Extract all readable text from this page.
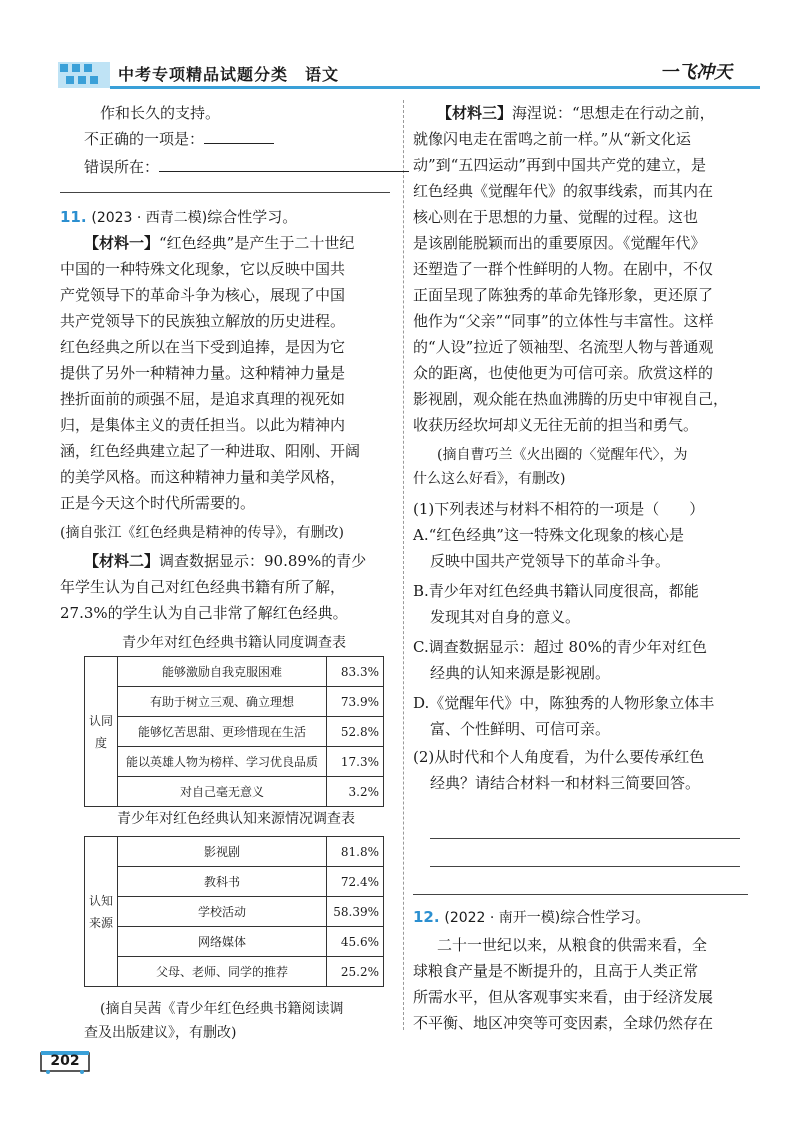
中考专项精品试题分类　语文	一飞冲天
作和长久的支持。
不正确的一项是：
错误所在：
11. (2023 · 西青二模)综合性学习。
【材料一】“红色经典”是产生于二十世纪
中国的一种特殊文化现象，它以反映中国共
产党领导下的革命斗争为核心，展现了中国
共产党领导下的民族独立解放的历史进程。
红色经典之所以在当下受到追捧，是因为它
提供了另外一种精神力量。这种精神力量是
挫折面前的顽强不屈，是追求真理的视死如
归，是集体主义的责任担当。以此为精神内
涵，红色经典建立起了一种进取、阳刚、开阔
的美学风格。而这种精神力量和美学风格，
正是今天这个时代所需要的。
(摘自张江《红色经典是精神的传导》，有删改)
【材料二】调查数据显示：90.89%的青少
年学生认为自己对红色经典书籍有所了解，
27.3%的学生认为自己非常了解红色经典。
青少年对红色经典书籍认同度调查表
认同度	能够激励自我克服困难	83.3%
	有助于树立三观、确立理想	73.9%
	能够忆苦思甜、更珍惜现在生活	52.8%
	能以英雄人物为榜样、学习优良品质	17.3%
	对自己毫无意义	3.2%
青少年对红色经典认知来源情况调查表
认知来源	影视剧	81.8%
	教科书	72.4%
	学校活动	58.39%
	网络媒体	45.6%
	父母、老师、同学的推荐	25.2%
(摘自吴茜《青少年红色经典书籍阅读调
查及出版建议》，有删改)
【材料三】海涅说：“思想走在行动之前，
就像闪电走在雷鸣之前一样。”从“新文化运
动”到“五四运动”再到中国共产党的建立，是
红色经典《觉醒年代》的叙事线索，而其内在
核心则在于思想的力量、觉醒的过程。这也
是该剧能脱颖而出的重要原因。《觉醒年代》
还塑造了一群个性鲜明的人物。在剧中，不仅
正面呈现了陈独秀的革命先锋形象，更还原了
他作为“父亲”“同事”的立体性与丰富性。这样
的“人设”拉近了领袖型、名流型人物与普通观
众的距离，也使他更为可信可亲。欣赏这样的
影视剧，观众能在热血沸腾的历史中审视自己，
收获历经坎坷却义无往无前的担当和勇气。
(摘自曹巧兰《火出圈的〈觉醒年代〉，为
什么这么好看》，有删改)
(1)下列表述与材料不相符的一项是（　　）
A.“红色经典”这一特殊文化现象的核心是
反映中国共产党领导下的革命斗争。
B.青少年对红色经典书籍认同度很高，都能
发现其对自身的意义。
C.调查数据显示：超过 80%的青少年对红色
经典的认知来源是影视剧。
D.《觉醒年代》中，陈独秀的人物形象立体丰
富、个性鲜明、可信可亲。
(2)从时代和个人角度看，为什么要传承红色
经典？请结合材料一和材料三简要回答。
12. (2022 · 南开一模)综合性学习。
二十一世纪以来，从粮食的供需来看，全
球粮食产量是不断提升的，且高于人类正常
所需水平，但从客观事实来看，由于经济发展
不平衡、地区冲突等可变因素，全球仍然存在
202
